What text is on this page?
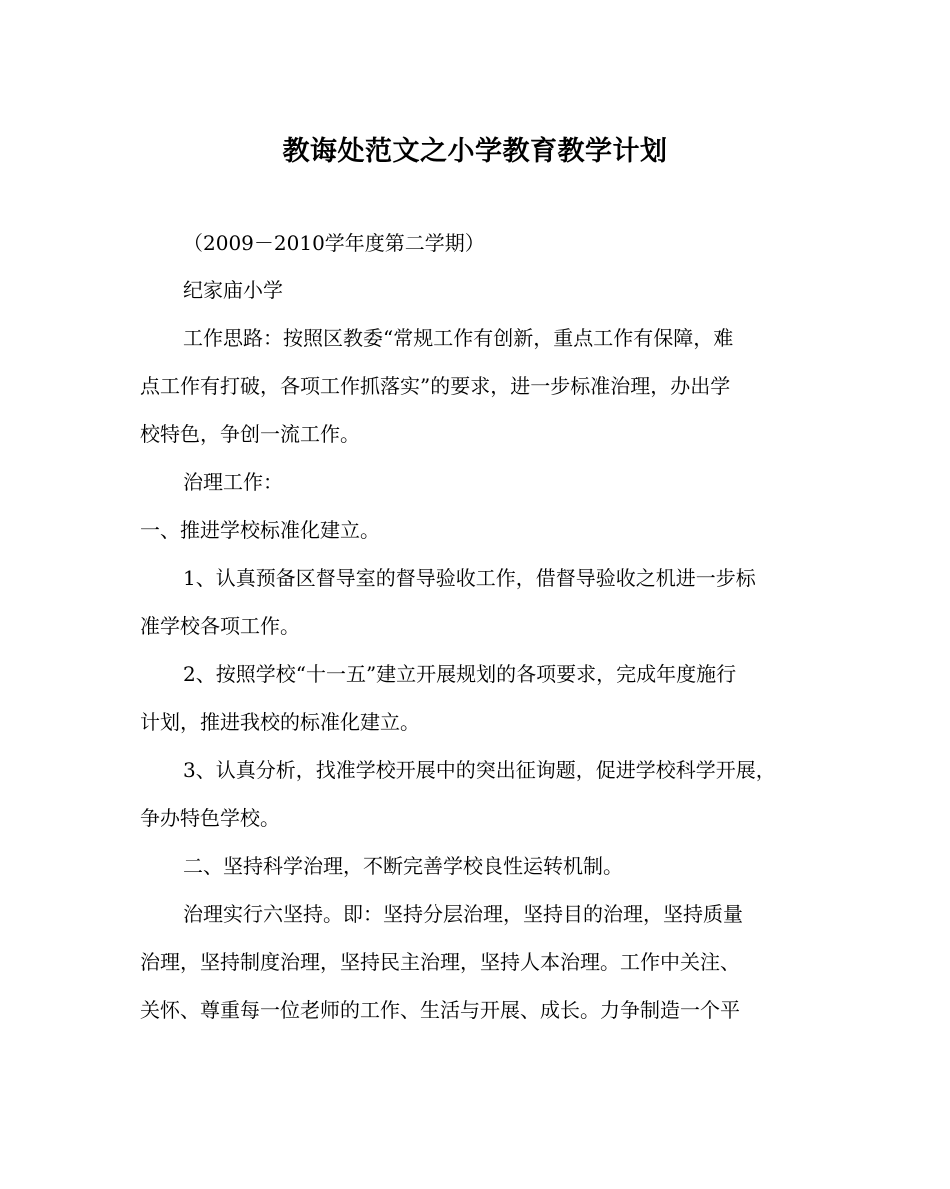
教诲处范文之小学教育教学计划

（2009－2010学年度第二学期）

纪家庙小学

工作思路：按照区教委“常规工作有创新，重点工作有保障，难

点工作有打破，各项工作抓落实”的要求，进一步标准治理，办出学

校特色，争创一流工作。

治理工作：

一、推进学校标准化建立。

1、认真预备区督导室的督导验收工作，借督导验收之机进一步标

准学校各项工作。

2、按照学校“十一五”建立开展规划的各项要求，完成年度施行

计划，推进我校的标准化建立。

3、认真分析，找准学校开展中的突出征询题，促进学校科学开展，

争办特色学校。

二、坚持科学治理，不断完善学校良性运转机制。

治理实行六坚持。即：坚持分层治理，坚持目的治理，坚持质量

治理，坚持制度治理，坚持民主治理，坚持人本治理。工作中关注、

关怀、尊重每一位老师的工作、生活与开展、成长。力争制造一个平
